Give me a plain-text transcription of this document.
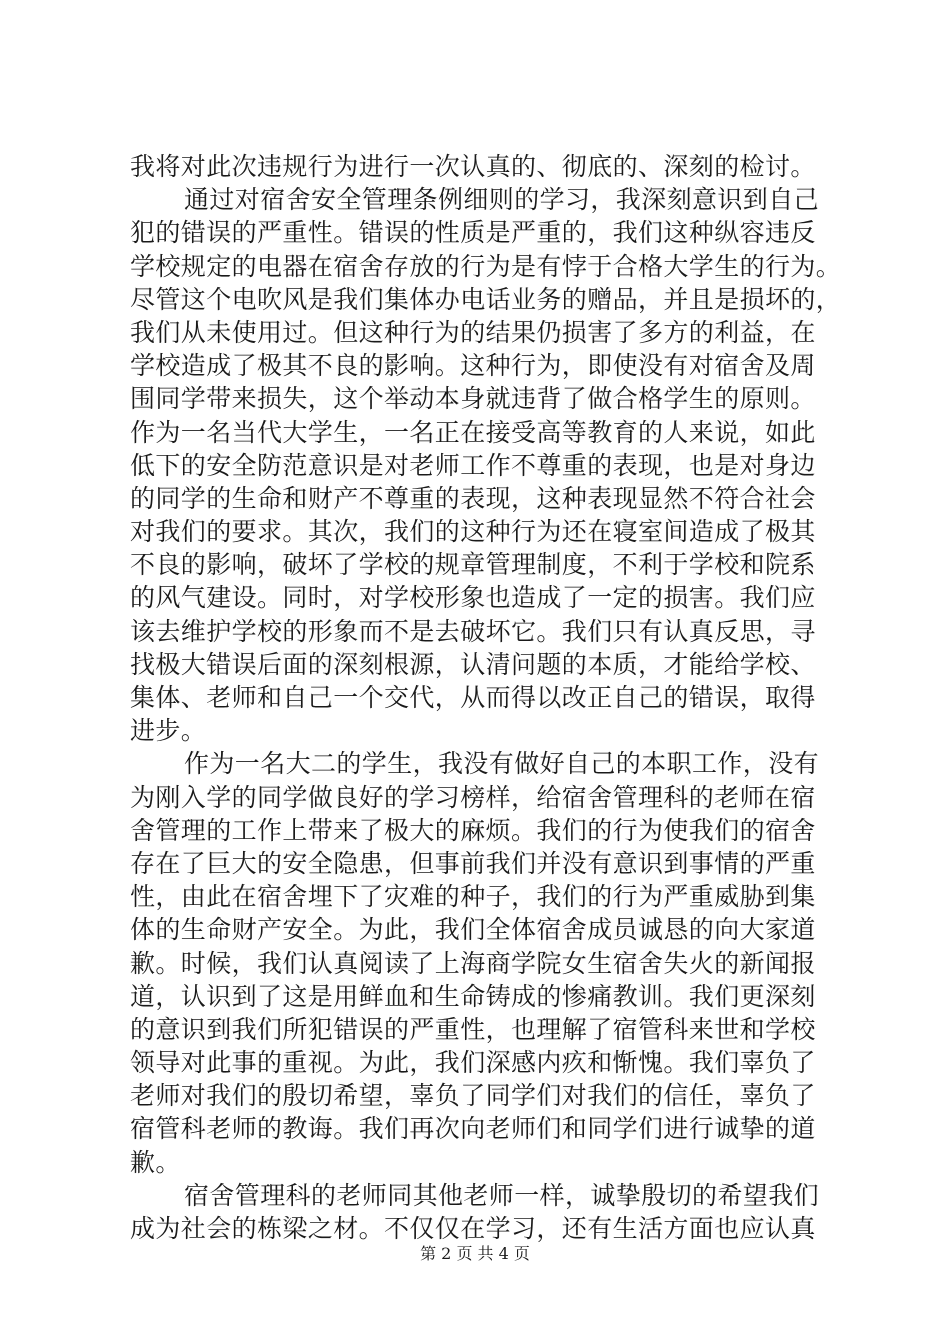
我将对此次违规行为进行一次认真的、彻底的、深刻的检讨。
通过对宿舍安全管理条例细则的学习，我深刻意识到自己
犯的错误的严重性。错误的性质是严重的，我们这种纵容违反
学校规定的电器在宿舍存放的行为是有悖于合格大学生的行为。
尽管这个电吹风是我们集体办电话业务的赠品，并且是损坏的，
我们从未使用过。但这种行为的结果仍损害了多方的利益，在
学校造成了极其不良的影响。这种行为，即使没有对宿舍及周
围同学带来损失，这个举动本身就违背了做合格学生的原则。
作为一名当代大学生，一名正在接受高等教育的人来说，如此
低下的安全防范意识是对老师工作不尊重的表现，也是对身边
的同学的生命和财产不尊重的表现，这种表现显然不符合社会
对我们的要求。其次，我们的这种行为还在寝室间造成了极其
不良的影响，破坏了学校的规章管理制度，不利于学校和院系
的风气建设。同时，对学校形象也造成了一定的损害。我们应
该去维护学校的形象而不是去破坏它。我们只有认真反思，寻
找极大错误后面的深刻根源，认清问题的本质，才能给学校、
集体、老师和自己一个交代，从而得以改正自己的错误，取得
进步。
作为一名大二的学生，我没有做好自己的本职工作，没有
为刚入学的同学做良好的学习榜样，给宿舍管理科的老师在宿
舍管理的工作上带来了极大的麻烦。我们的行为使我们的宿舍
存在了巨大的安全隐患，但事前我们并没有意识到事情的严重
性，由此在宿舍埋下了灾难的种子，我们的行为严重威胁到集
体的生命财产安全。为此，我们全体宿舍成员诚恳的向大家道
歉。时候，我们认真阅读了上海商学院女生宿舍失火的新闻报
道，认识到了这是用鲜血和生命铸成的惨痛教训。我们更深刻
的意识到我们所犯错误的严重性，也理解了宿管科来世和学校
领导对此事的重视。为此，我们深感内疚和惭愧。我们辜负了
老师对我们的殷切希望，辜负了同学们对我们的信任，辜负了
宿管科老师的教诲。我们再次向老师们和同学们进行诚挚的道
歉。
宿舍管理科的老师同其他老师一样，诚挚殷切的希望我们
成为社会的栋梁之材。不仅仅在学习，还有生活方面也应认真
第 2 页 共 4 页
